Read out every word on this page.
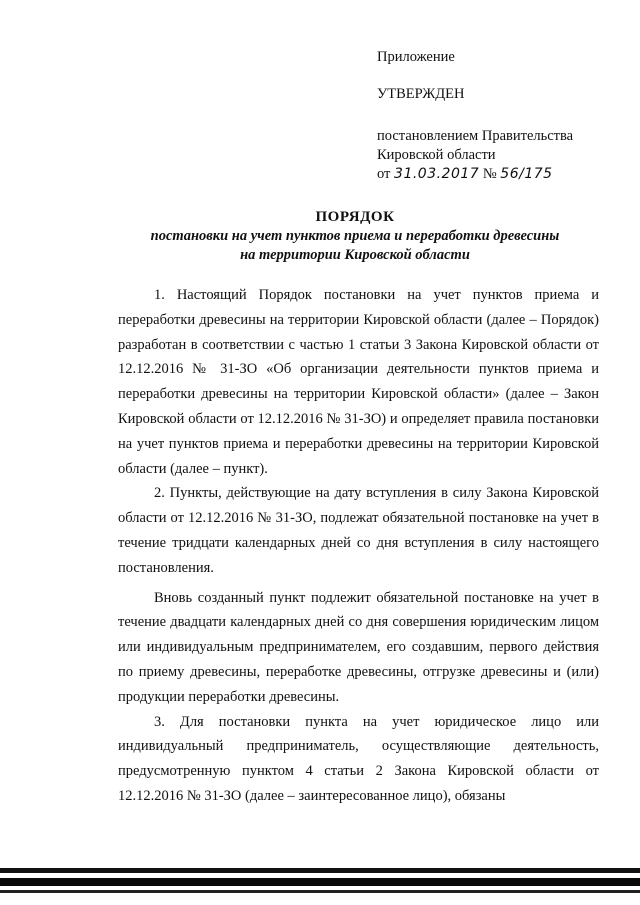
Приложение
УТВЕРЖДЕН
постановлением Правительства
Кировской области
от 31.03.2017 № 56/175
ПОРЯДОК
постановки на учет пунктов приема и переработки древесины
на территории Кировской области

1. Настоящий Порядок постановки на учет пунктов приема и переработки древесины на территории Кировской области (далее – Порядок) разработан в соответствии с частью 1 статьи 3 Закона Кировской области от 12.12.2016 № 31-ЗО «Об организации деятельности пунктов приема и переработки древесины на территории Кировской области» (далее – Закон Кировской области от 12.12.2016 № 31-ЗО) и определяет правила постановки на учет пунктов приема и переработки древесины на территории Кировской области (далее – пункт).

2. Пункты, действующие на дату вступления в силу Закона Кировской области от 12.12.2016 № 31-ЗО, подлежат обязательной постановке на учет в течение тридцати календарных дней со дня вступления в силу настоящего постановления.

Вновь созданный пункт подлежит обязательной постановке на учет в течение двадцати календарных дней со дня совершения юридическим лицом или индивидуальным предпринимателем, его создавшим, первого действия по приему древесины, переработке древесины, отгрузке древесины и (или) продукции переработки древесины.

3. Для постановки пункта на учет юридическое лицо или индивидуальный предприниматель, осуществляющие деятельность, предусмотренную пунктом 4 статьи 2 Закона Кировской области от 12.12.2016 № 31-ЗО (далее – заинтересованное лицо), обязаны
